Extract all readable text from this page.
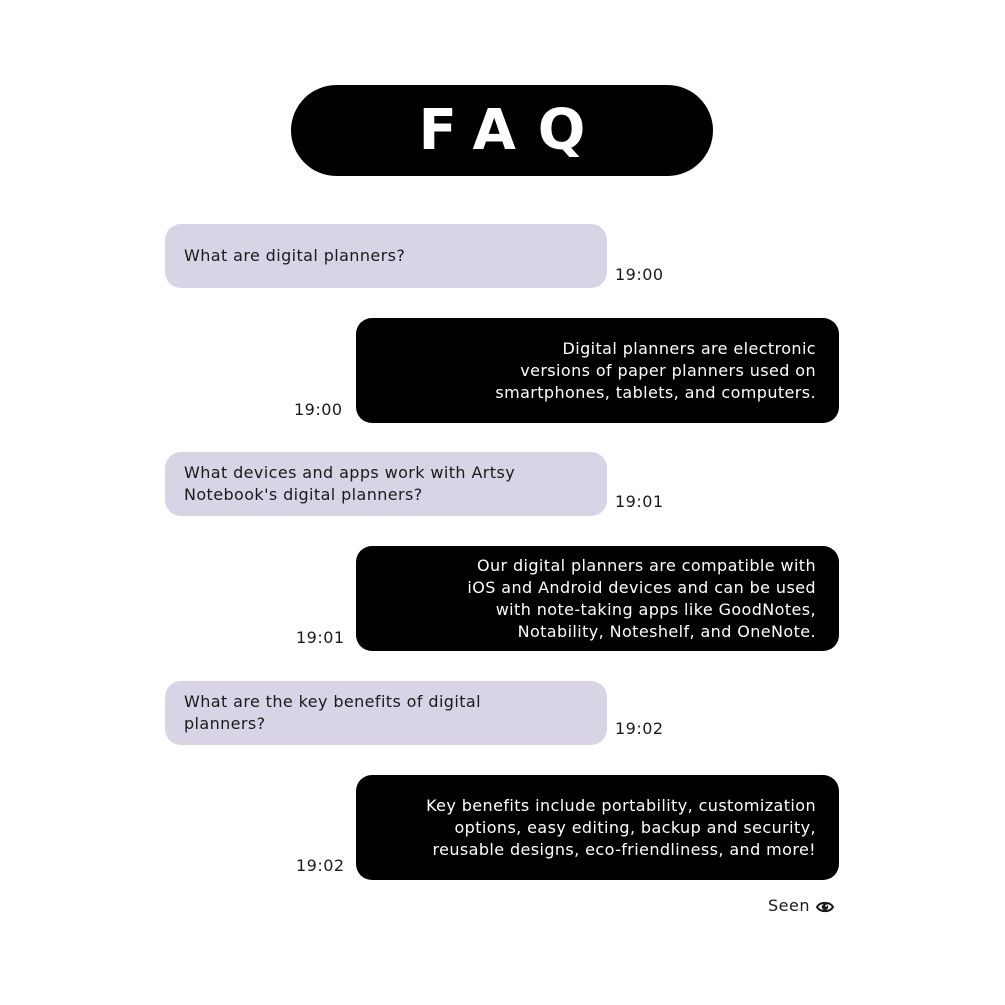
FAQ
What are digital planners?
19:00
Digital planners are electronic
versions of paper planners used on
smartphones, tablets, and computers.
19:00
What devices and apps work with Artsy
Notebook's digital planners?	19:01
Our digital planners are compatible with
iOS and Android devices and can be used
with note-taking apps like GoodNotes,
Notability, Noteshelf, and OneNote.
19:01
What are the key benefits of digital
planners?	19:02
Key benefits include portability, customization
options, easy editing, backup and security,
reusable designs, eco-friendliness, and more!
19:02
Seen
